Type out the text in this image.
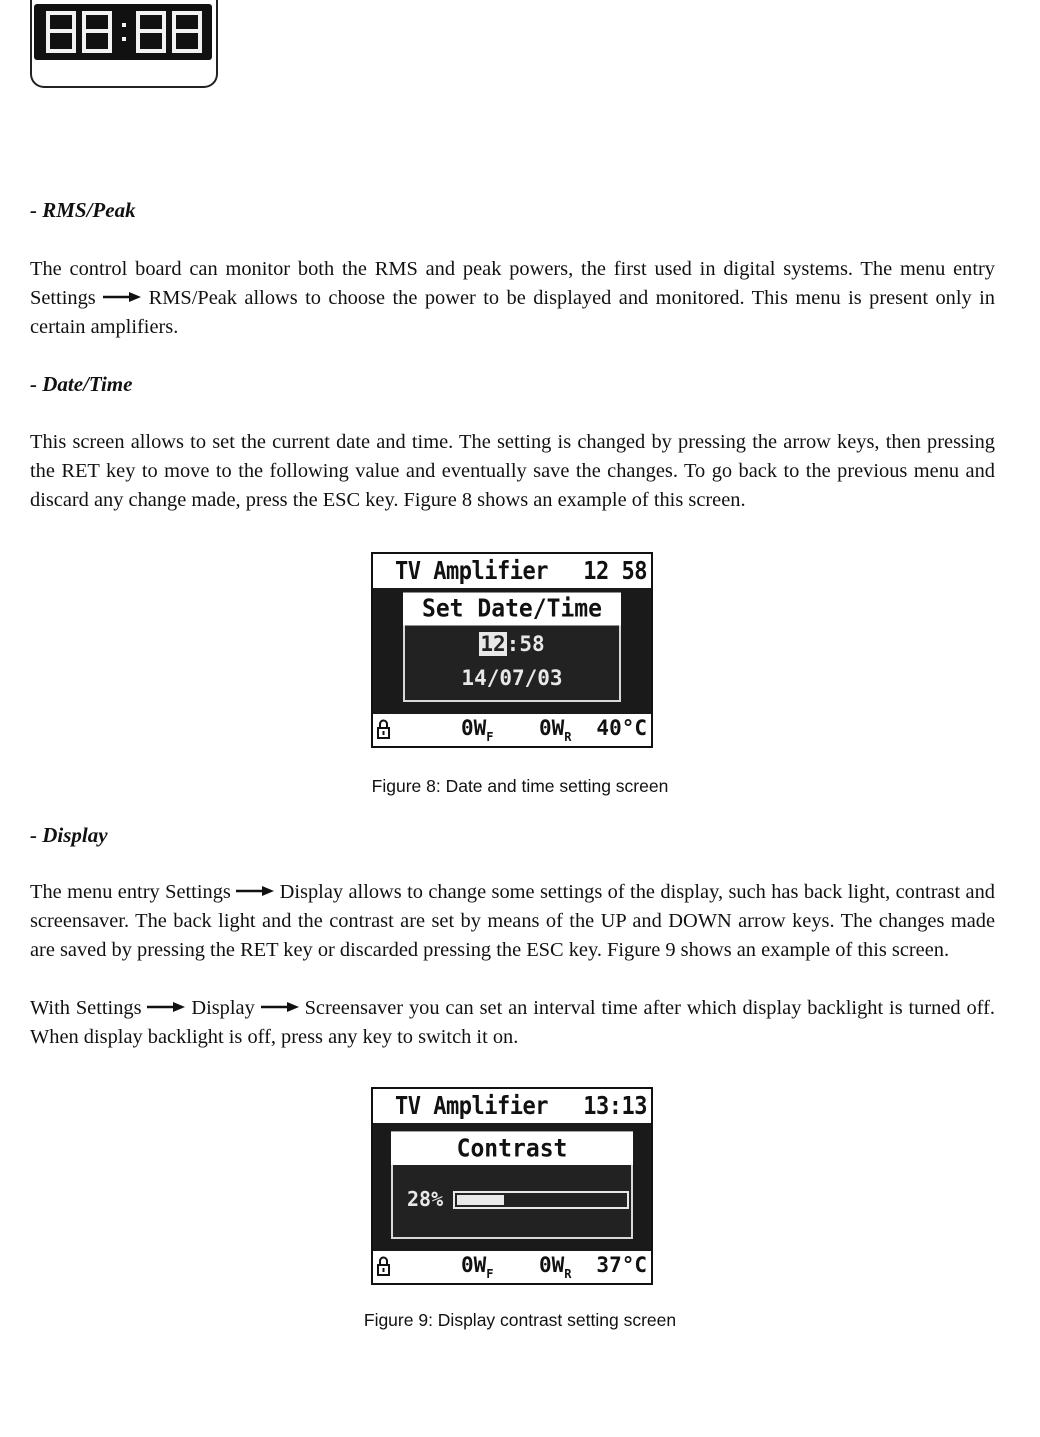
- RMS/Peak

The control board can monitor both the RMS and peak powers, the first used in digital systems. The menu entry Settings	RMS/Peak allows to choose the power to be displayed and monitored. This menu is present only in certain amplifiers.

- Date/Time

This screen allows to set the current date and time. The setting is changed by pressing the arrow keys, then pressing the RET key to move to the following value and eventually save the changes. To go back to the previous menu and discard any change made, press the ESC key. Figure 8 shows an example of this screen.

TV Amplifier 12 58
Set Date/Time
12:58
14/07/03
$0W_F$ $0W_R$ 40°C

Figure 8: Date and time setting screen

- Display

The menu entry Settings Display allows to change some settings of the display, such has back light, contrast and screensaver. The back light and the contrast are set by means of the UP and DOWN arrow keys. The changes made are saved by pressing the RET key or discarded pressing the ESC key. Figure 9 shows an example of this screen.

With Settings Display Screensaver you can set an interval time after which display backlight is turned off. When display backlight is off, press any key to switch it on.

TV Amplifier 13:13
Contrast
28%
$0W_F$ $0W_R$ 37°C

Figure 9: Display contrast setting screen
